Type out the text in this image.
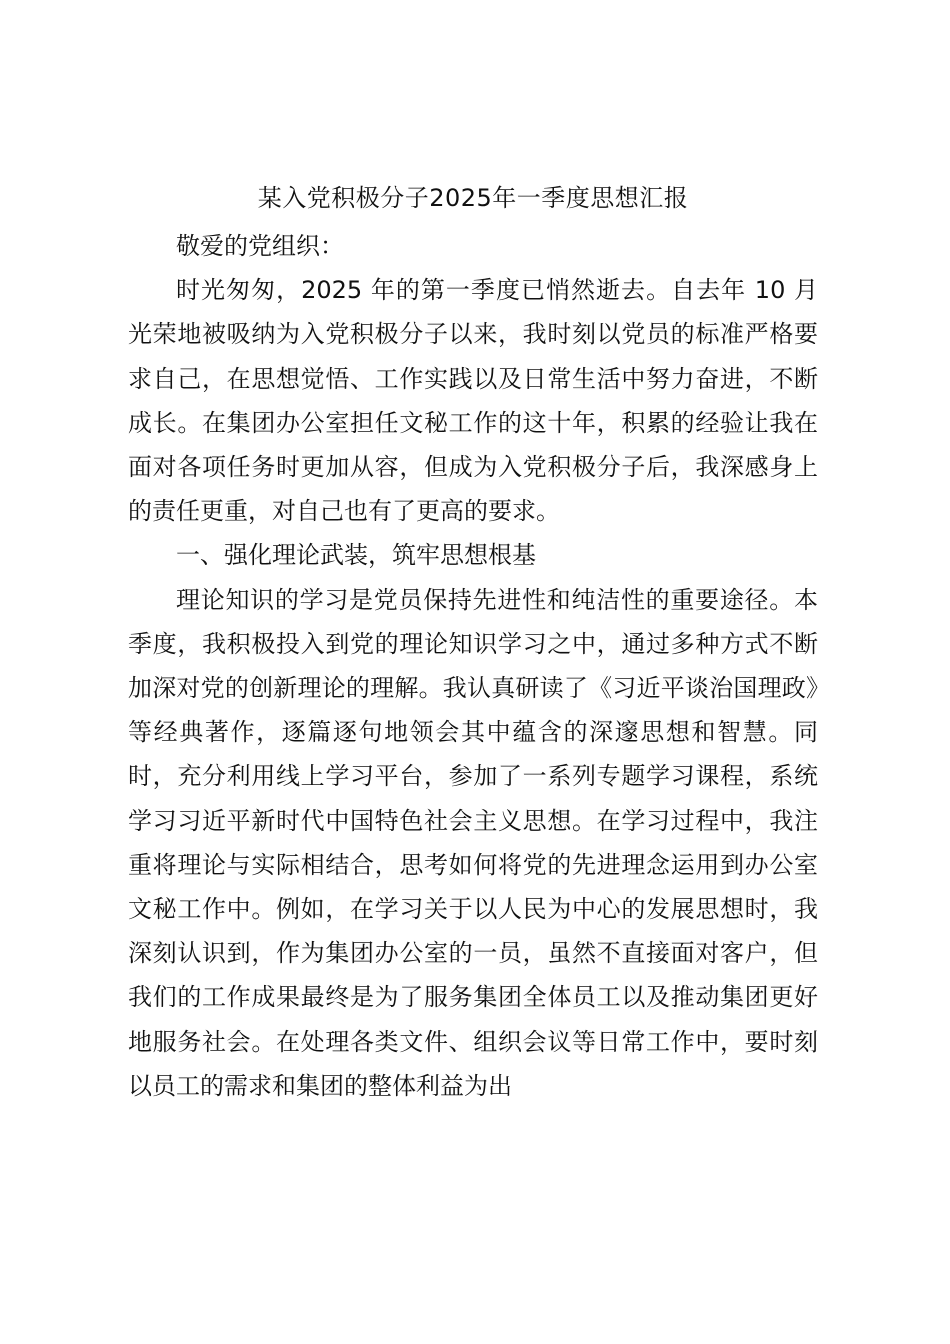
某入党积极分子2025年一季度思想汇报

敬爱的党组织：

时光匆匆，2025 年的第一季度已悄然逝去。自去年 10 月光荣地被吸纳为入党积极分子以来，我时刻以党员的标准严格要求自己，在思想觉悟、工作实践以及日常生活中努力奋进，不断成长。在集团办公室担任文秘工作的这十年，积累的经验让我在面对各项任务时更加从容，但成为入党积极分子后，我深感身上的责任更重，对自己也有了更高的要求。

一、强化理论武装，筑牢思想根基

理论知识的学习是党员保持先进性和纯洁性的重要途径。本季度，我积极投入到党的理论知识学习之中，通过多种方式不断加深对党的创新理论的理解。我认真研读了《习近平谈治国理政》等经典著作，逐篇逐句地领会其中蕴含的深邃思想和智慧。同时，充分利用线上学习平台，参加了一系列专题学习课程，系统学习习近平新时代中国特色社会主义思想。在学习过程中，我注重将理论与实际相结合，思考如何将党的先进理念运用到办公室文秘工作中。例如，在学习关于以人民为中心的发展思想时，我深刻认识到，作为集团办公室的一员，虽然不直接面对客户，但我们的工作成果最终是为了服务集团全体员工以及推动集团更好地服务社会。在处理各类文件、组织会议等日常工作中，要时刻以员工的需求和集团的整体利益为出
